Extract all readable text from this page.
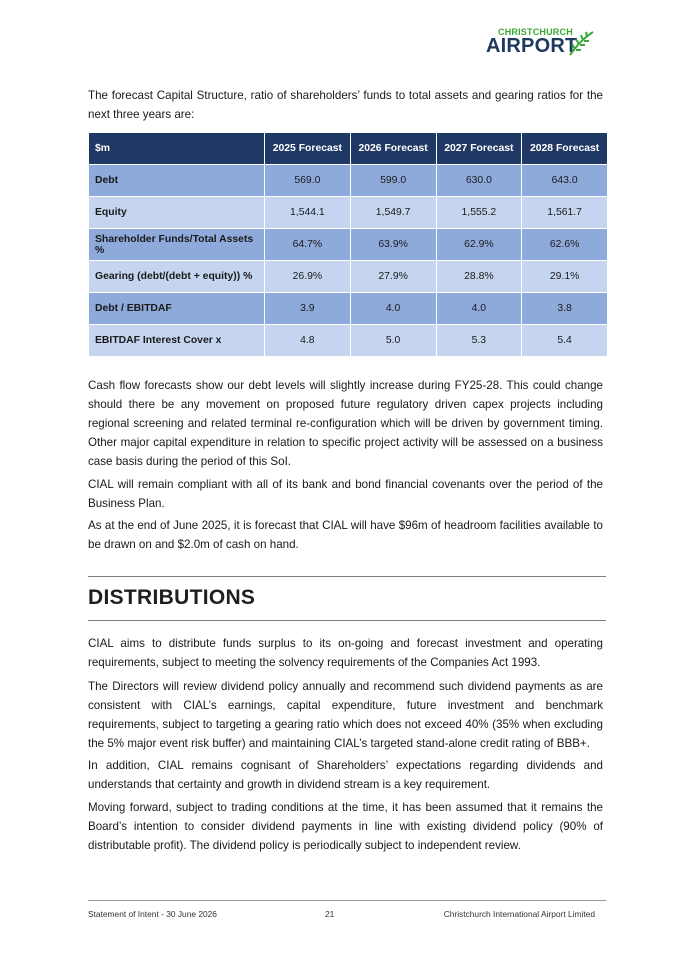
CHRISTCHURCH
AIRPORT

The forecast Capital Structure, ratio of shareholders’ funds to total assets and gearing ratios for the next three years are:

$m	2025 Forecast	2026 Forecast	2027 Forecast	2028 Forecast
Debt	569.0	599.0	630.0	643.0
Equity	1,544.1	1,549.7	1,555.2	1,561.7
Shareholder Funds/Total Assets %	64.7%	63.9%	62.9%	62.6%
Gearing (debt/(debt + equity)) %	26.9%	27.9%	28.8%	29.1%
Debt / EBITDAF	3.9	4.0	4.0	3.8
EBITDAF Interest Cover x	4.8	5.0	5.3	5.4

Cash flow forecasts show our debt levels will slightly increase during FY25-28. This could change should there be any movement on proposed future regulatory driven capex projects including regional screening and related terminal re-configuration which will be driven by government timing. Other major capital expenditure in relation to specific project activity will be assessed on a business case basis during the period of this SoI.

CIAL will remain compliant with all of its bank and bond financial covenants over the period of the Business Plan.

As at the end of June 2025, it is forecast that CIAL will have $96m of headroom facilities available to be drawn on and $2.0m of cash on hand.

DISTRIBUTIONS

CIAL aims to distribute funds surplus to its on-going and forecast investment and operating requirements, subject to meeting the solvency requirements of the Companies Act 1993.

The Directors will review dividend policy annually and recommend such dividend payments as are consistent with CIAL’s earnings, capital expenditure, future investment and benchmark requirements, subject to targeting a gearing ratio which does not exceed 40% (35% when excluding the 5% major event risk buffer) and maintaining CIAL’s targeted stand-alone credit rating of BBB+.

In addition, CIAL remains cognisant of Shareholders’ expectations regarding dividends and understands that certainty and growth in dividend stream is a key requirement.

Moving forward, subject to trading conditions at the time, it has been assumed that it remains the Board’s intention to consider dividend payments in line with existing dividend policy (90% of distributable profit). The dividend policy is periodically subject to independent review.

Statement of Intent - 30 June 2026	21	Christchurch International Airport Limited
